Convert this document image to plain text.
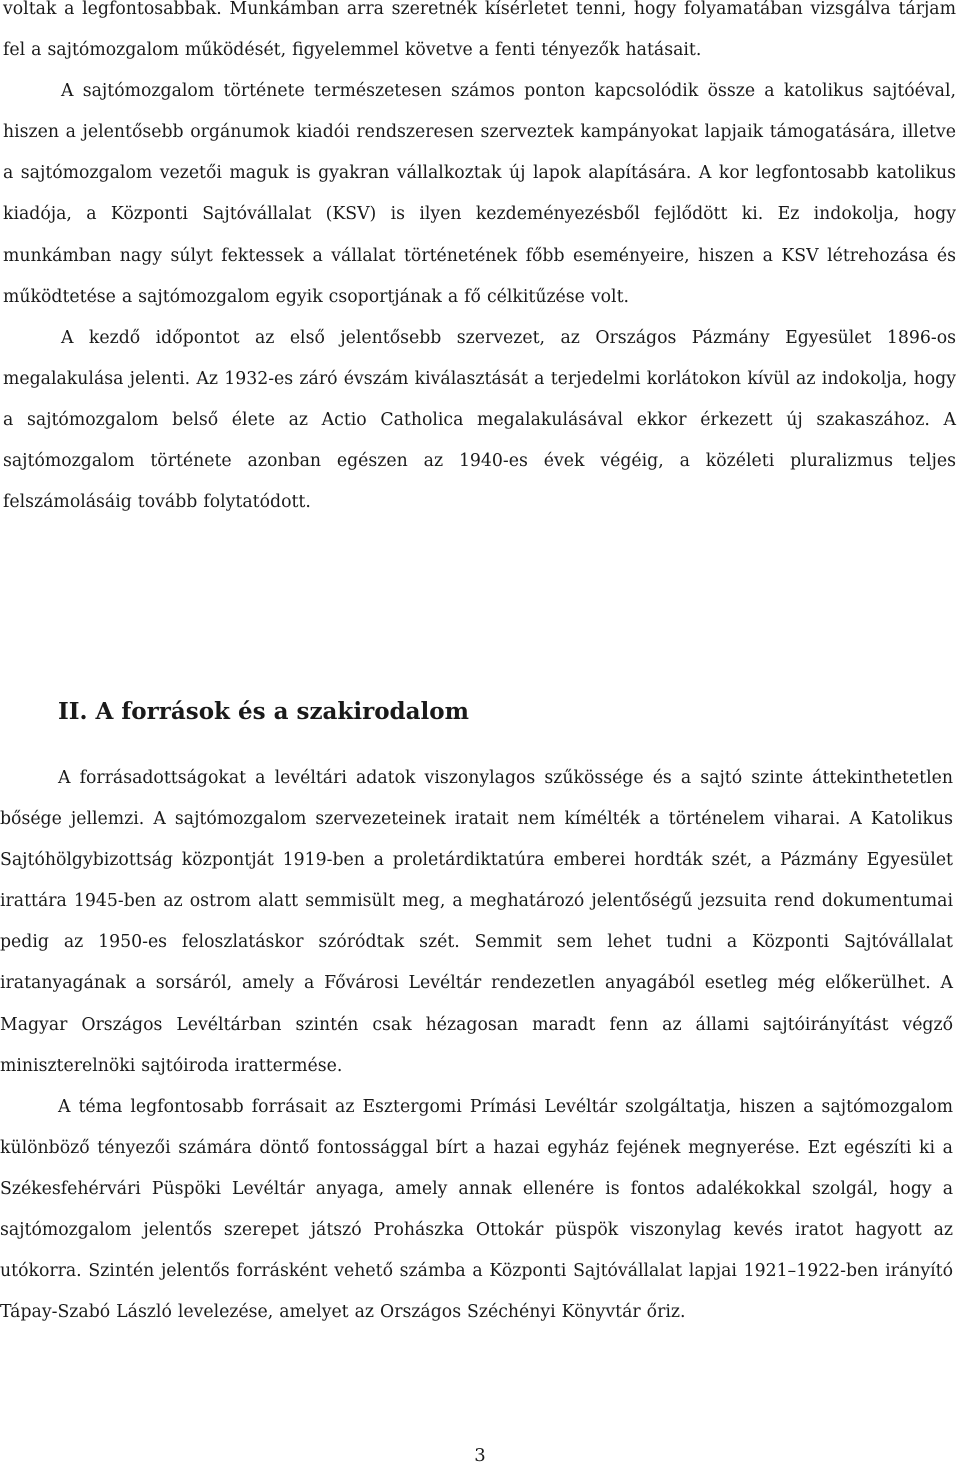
voltak a legfontosabbak. Munkámban arra szeretnék kísérletet tenni, hogy folyamatában vizsgálva tárjam fel a sajtómozgalom működését, figyelemmel követve a fenti tényezők hatásait.

A sajtómozgalom története természetesen számos ponton kapcsolódik össze a katolikus sajtóéval, hiszen a jelentősebb orgánumok kiadói rendszeresen szerveztek kampányokat lapjaik támogatására, illetve a sajtómozgalom vezetői maguk is gyakran vállalkoztak új lapok alapítására. A kor legfontosabb katolikus kiadója, a Központi Sajtóvállalat (KSV) is ilyen kezdeményezésből fejlődött ki. Ez indokolja, hogy munkámban nagy súlyt fektessek a vállalat történetének főbb eseményeire, hiszen a KSV létrehozása és működtetése a sajtómozgalom egyik csoportjának a fő célkitűzése volt.

A kezdő időpontot az első jelentősebb szervezet, az Országos Pázmány Egyesület 1896-os megalakulása jelenti. Az 1932-es záró évszám kiválasztását a terjedelmi korlátokon kívül az indokolja, hogy a sajtómozgalom belső élete az Actio Catholica megalakulásával ekkor érkezett új szakaszához. A sajtómozgalom története azonban egészen az 1940-es évek végéig, a közéleti pluralizmus teljes felszámolásáig tovább folytatódott.

II. A források és a szakirodalom

A forrásadottságokat a levéltári adatok viszonylagos szűkössége és a sajtó szinte áttekinthetetlen bősége jellemzi. A sajtómozgalom szervezeteinek iratait nem kímélték a történelem viharai. A Katolikus Sajtóhölgybizottság központját 1919-ben a proletárdiktatúra emberei hordták szét, a Pázmány Egyesület irattára 1945-ben az ostrom alatt semmisült meg, a meghatározó jelentőségű jezsuita rend dokumentumai pedig az 1950-es feloszlatáskor szóródtak szét. Semmit sem lehet tudni a Központi Sajtóvállalat iratanyagának a sorsáról, amely a Fővárosi Levéltár rendezetlen anyagából esetleg még előkerülhet. A Magyar Országos Levéltárban szintén csak hézagosan maradt fenn az állami sajtóirányítást végző miniszterelnöki sajtóiroda irattermése.

A téma legfontosabb forrásait az Esztergomi Prímási Levéltár szolgáltatja, hiszen a sajtómozgalom különböző tényezői számára döntő fontossággal bírt a hazai egyház fejének megnyerése. Ezt egészíti ki a Székesfehérvári Püspöki Levéltár anyaga, amely annak ellenére is fontos adalékokkal szolgál, hogy a sajtómozgalom jelentős szerepet játszó Prohászka Ottokár püspök viszonylag kevés iratot hagyott az utókorra. Szintén jelentős forrásként vehető számba a Központi Sajtóvállalat lapjai 1921–1922-ben irányító Tápay-Szabó László levelezése, amelyet az Országos Széchényi Könyvtár őriz.

3
